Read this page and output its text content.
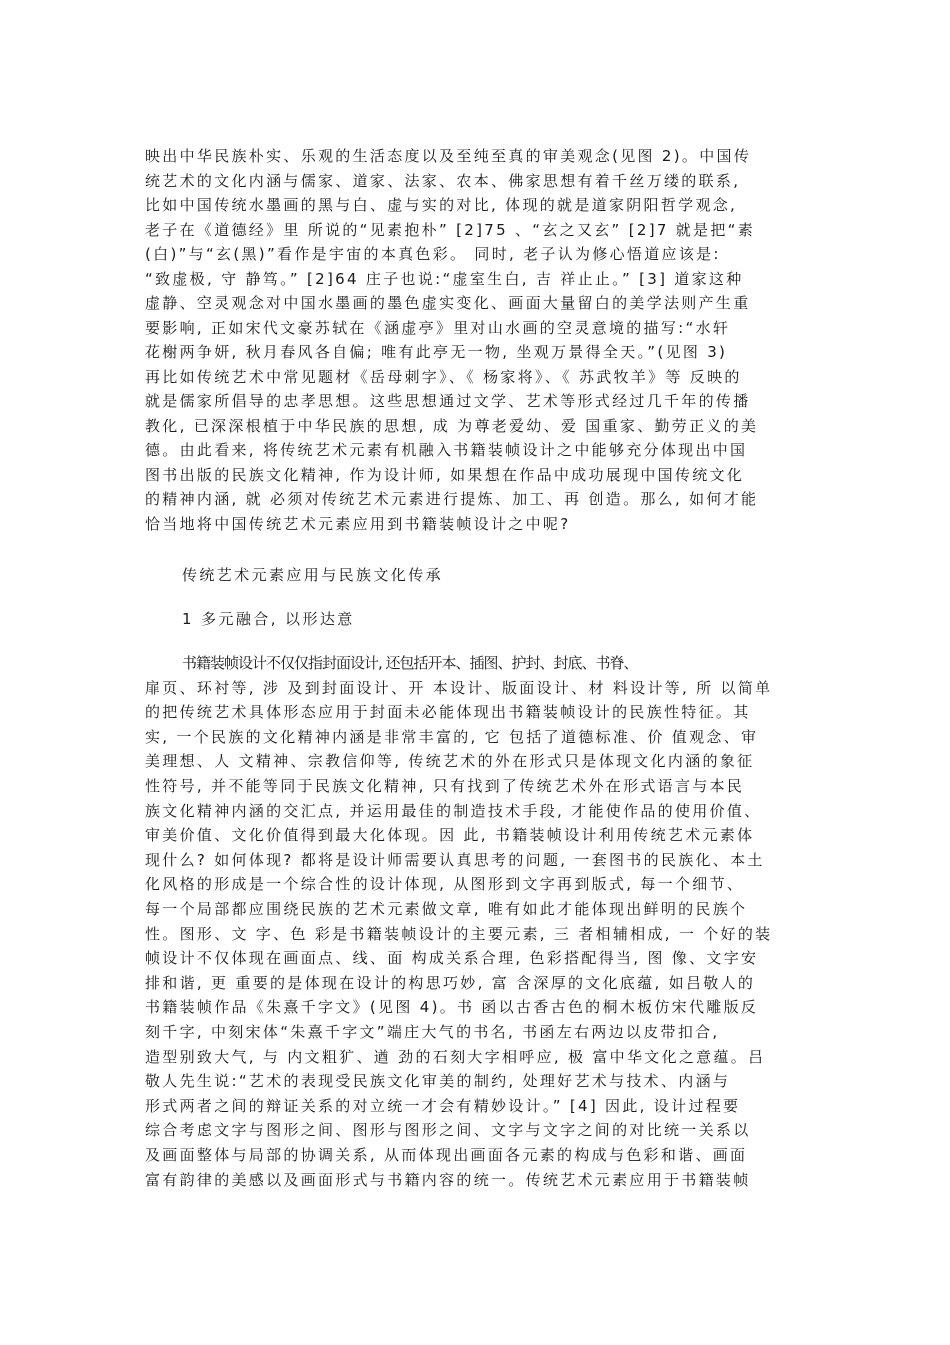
映出中华民族朴实、乐观的生活态度以及至纯至真的审美观念(见图 2)。中国传
统艺术的文化内涵与儒家、道家、法家、农本、佛家思想有着千丝万缕的联系,
比如中国传统水墨画的黑与白、虚与实的对比, 体现的就是道家阴阳哲学观念,
老子在《道德经》里 所说的“见素抱朴” [2]75 、“玄之又玄” [2]7 就是把“素
(白)”与“玄(黑)”看作是宇宙的本真色彩。 同时, 老子认为修心悟道应该是:
“致虚极, 守 静笃。” [2]64 庄子也说:“虚室生白, 吉 祥止止。” [3] 道家这种
虚静、空灵观念对中国水墨画的墨色虚实变化、画面大量留白的美学法则产生重
要影响, 正如宋代文豪苏轼在《涵虚亭》里对山水画的空灵意境的描写:“水轩
花榭两争妍, 秋月春风各自偏; 唯有此亭无一物, 坐观万景得全天。”(见图 3)
再比如传统艺术中常见题材《岳母刺字》、《 杨家将》、《 苏武牧羊》等 反映的
就是儒家所倡导的忠孝思想。这些思想通过文学、艺术等形式经过几千年的传播
教化, 已深深根植于中华民族的思想, 成 为尊老爱幼、爱 国重家、勤劳正义的美
德。由此看来, 将传统艺术元素有机融入书籍装帧设计之中能够充分体现出中国
图书出版的民族文化精神, 作为设计师, 如果想在作品中成功展现中国传统文化
的精神内涵, 就 必须对传统艺术元素进行提炼、加工、再 创造。那么, 如何才能
恰当地将中国传统艺术元素应用到书籍装帧设计之中呢?
传统艺术元素应用与民族文化传承
1 多元融合, 以形达意
书籍装帧设计不仅仅指封面设计, 还包括开本、插图、护封、封底、书脊、
扉页、环衬等, 涉 及到封面设计、开 本设计、版面设计、材 料设计等, 所 以简单
的把传统艺术具体形态应用于封面未必能体现出书籍装帧设计的民族性特征。其
实, 一个民族的文化精神内涵是非常丰富的, 它 包括了道德标准、价 值观念、审
美理想、人 文精神、宗教信仰等, 传统艺术的外在形式只是体现文化内涵的象征
性符号, 并不能等同于民族文化精神, 只有找到了传统艺术外在形式语言与本民
族文化精神内涵的交汇点, 并运用最佳的制造技术手段, 才能使作品的使用价值、
审美价值、文化价值得到最大化体现。因 此, 书籍装帧设计利用传统艺术元素体
现什么? 如何体现? 都将是设计师需要认真思考的问题, 一套图书的民族化、本土
化风格的形成是一个综合性的设计体现, 从图形到文字再到版式, 每一个细节、
每一个局部都应围绕民族的艺术元素做文章, 唯有如此才能体现出鲜明的民族个
性。图形、文 字、色 彩是书籍装帧设计的主要元素, 三 者相辅相成, 一 个好的装
帧设计不仅体现在画面点、线、面 构成关系合理, 色彩搭配得当, 图 像、文字安
排和谐, 更 重要的是体现在设计的构思巧妙, 富 含深厚的文化底蕴, 如吕敬人的
书籍装帧作品《朱熹千字文》(见图 4)。书 函以古香古色的桐木板仿宋代雕版反
刻千字, 中刻宋体“朱熹千字文”端庄大气的书名, 书函左右两边以皮带扣合,
造型别致大气, 与 内文粗犷、遒 劲的石刻大字相呼应, 极 富中华文化之意蕴。吕
敬人先生说:“艺术的表现受民族文化审美的制约, 处理好艺术与技术、内涵与
形式两者之间的辩证关系的对立统一才会有精妙设计。” [4] 因此, 设计过程要
综合考虑文字与图形之间、图形与图形之间、文字与文字之间的对比统一关系以
及画面整体与局部的协调关系, 从而体现出画面各元素的构成与色彩和谐、画面
富有韵律的美感以及画面形式与书籍内容的统一。传统艺术元素应用于书籍装帧
